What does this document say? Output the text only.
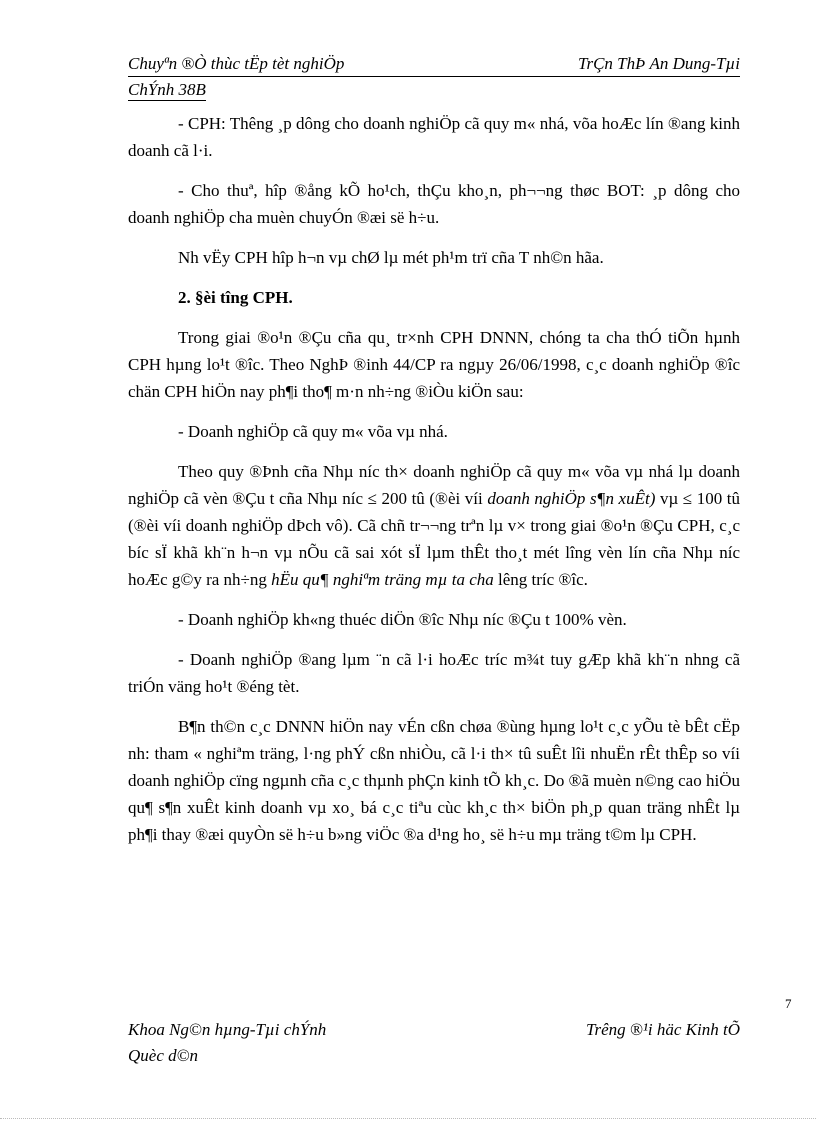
Chuyªn ®Ò thùc tËp tèt nghiÖp	TrÇn ThÞ An Dung-Tµi
ChÝnh 38B

- CPH: Thêng ¸p dông cho doanh nghiÖp cã quy m« nhá, võa hoÆc lín ®ang kinh doanh cã l·i.

- Cho thuª, hîp ®ång kÕ ho¹ch, thÇu kho¸n, ph¬¬ng thøc BOT: ¸p dông cho doanh nghiÖp cha muèn chuyÓn ®æi së h÷u.

Nh vËy CPH hîp h¬n vµ chØ lµ mét ph¹m trï cña T nh©n hãa.

2. §èi tîng CPH.

Trong giai ®o¹n ®Çu cña qu¸ tr×nh CPH DNNN, chóng ta cha thÓ tiÕn hµnh CPH hµng lo¹t ®îc. Theo NghÞ ®inh 44/CP ra ngµy 26/06/1998, c¸c doanh nghiÖp ®îc chän CPH hiÖn nay ph¶i tho¶ m·n nh÷ng ®iÒu kiÖn sau:

- Doanh nghiÖp cã quy m« võa vµ nhá.

Theo quy ®Þnh cña Nhµ níc th× doanh nghiÖp cã quy m« võa vµ nhá lµ doanh nghiÖp cã vèn ®Çu t cña Nhµ níc ≤ 200 tû (®èi víi doanh nghiÖp s¶n xuÊt) vµ ≤ 100 tû (®èi víi doanh nghiÖp dÞch vô). Cã chñ tr¬¬ng trªn lµ v× trong giai ®o¹n ®Çu CPH, c¸c bíc sÏ khã kh¨n h¬n vµ nÕu cã sai xót sÏ lµm thÊt tho¸t mét lîng vèn lín cña Nhµ níc hoÆc g©y ra nh÷ng hËu qu¶ nghiªm träng mµ ta cha lêng tríc ®îc.

- Doanh nghiÖp kh«ng thuéc diÖn ®îc Nhµ níc ®Çu t 100% vèn.

- Doanh nghiÖp ®ang lµm ¨n cã l·i hoÆc tríc m¾t tuy gÆp khã kh¨n nhng cã triÓn väng ho¹t ®éng tèt.

B¶n th©n c¸c DNNN hiÖn nay vÉn cßn chøa ®ùng hµng lo¹t c¸c yÕu tè bÊt cËp nh: tham « nghiªm träng, l·ng phÝ cßn nhiÒu, cã l·i th× tû suÊt lîi nhuËn rÊt thÊp so víi doanh nghiÖp cïng ngµnh cña c¸c thµnh phÇn kinh tÕ kh¸c. Do ®ã muèn n©ng cao hiÖu qu¶ s¶n xuÊt kinh doanh vµ xo¸ bá c¸c tiªu cùc kh¸c th× biÖn ph¸p quan träng nhÊt lµ ph¶i thay ®æi quyÒn së h÷u b»ng viÖc ®a d¹ng ho¸ së h÷u mµ träng t©m lµ CPH.

7
Khoa Ng©n hµng-Tµi chÝnh	Trêng ®¹i häc Kinh tÕ
Quèc d©n
